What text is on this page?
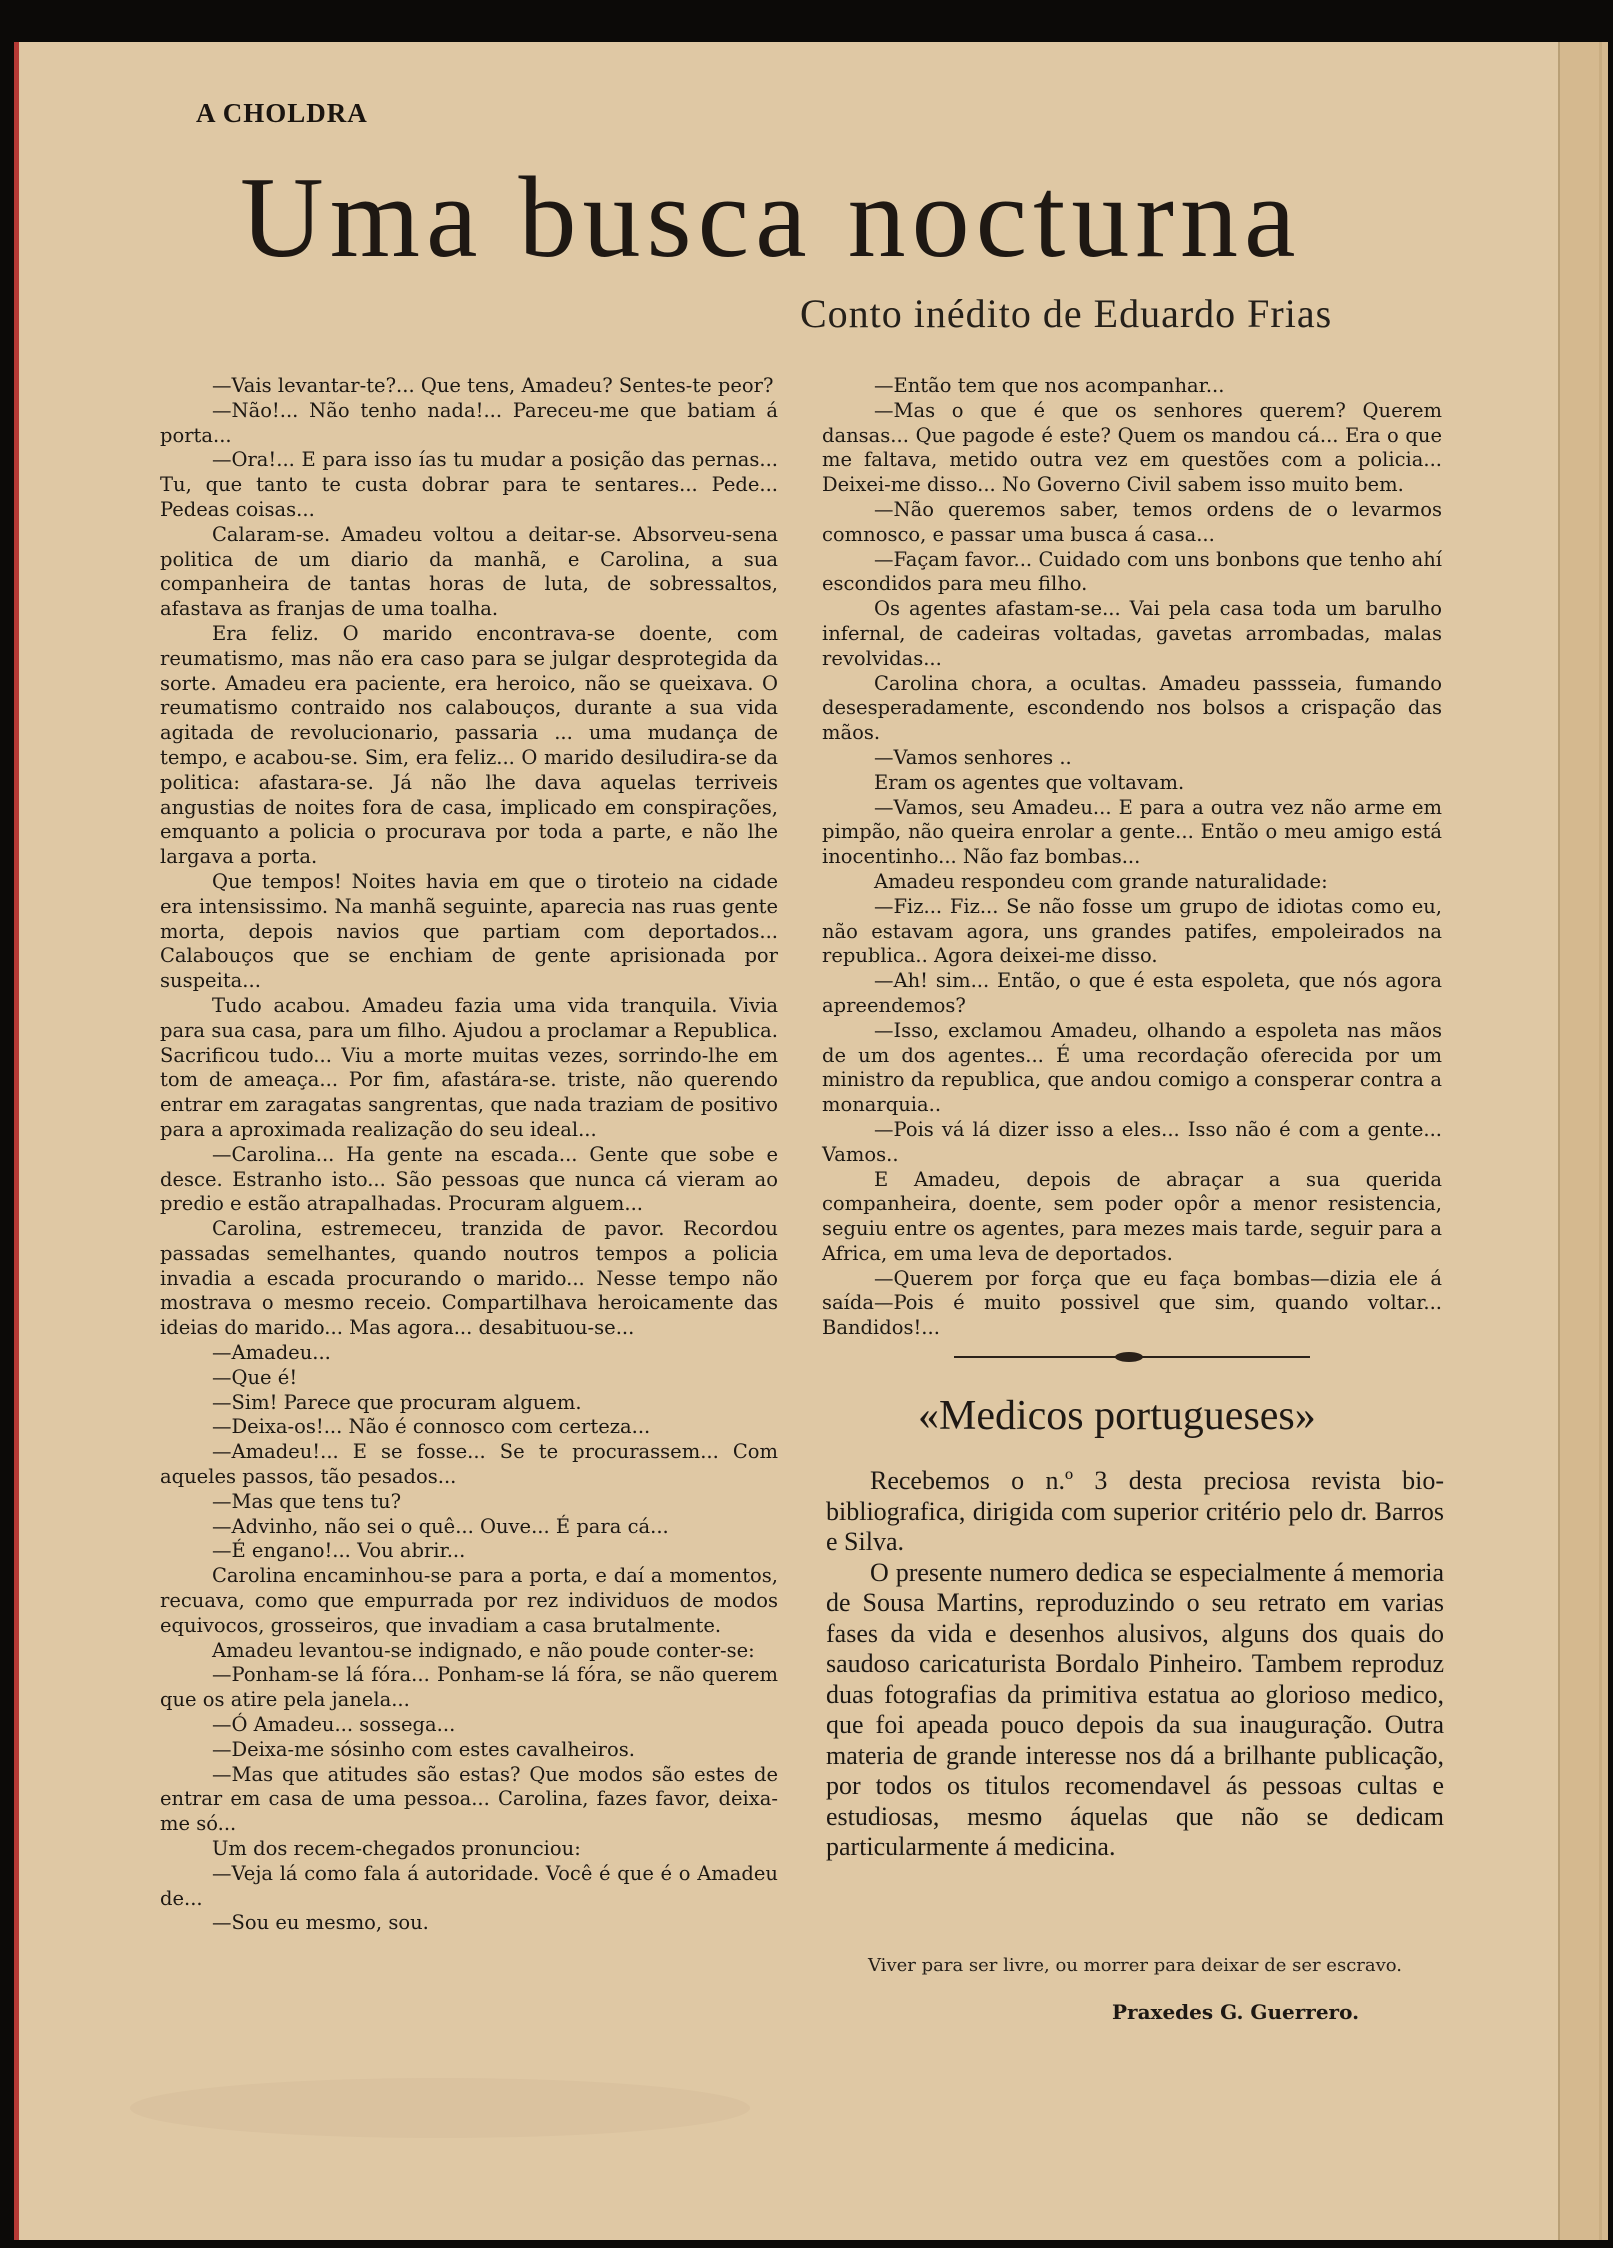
A CHOLDRA
Uma busca nocturna
Conto inédito de Eduardo Frias

—Vais levantar-te?... Que tens, Amadeu? Sentes-te peor?

—Não!... Não tenho nada!... Pareceu-me que batiam á porta...

—Ora!... E para isso ías tu mudar a posição das pernas... Tu, que tanto te custa dobrar para te sentares... Pede... Pedeas coisas...

Calaram-se. Amadeu voltou a deitar-se. Absorveu-sena politica de um diario da manhã, e Carolina, a sua companheira de tantas horas de luta, de sobressaltos, afastava as franjas de uma toalha.

Era feliz. O marido encontrava-se doente, com reumatismo, mas não era caso para se julgar desprotegida da sorte. Amadeu era paciente, era heroico, não se queixava. O reumatismo contraido nos calabouços, durante a sua vida agitada de revolucionario, passaria ... uma mudança de tempo, e acabou-se. Sim, era feliz... O marido desiludira-se da politica: afastara-se. Já não lhe dava aquelas terriveis angustias de noites fora de casa, implicado em conspirações, emquanto a policia o procurava por toda a parte, e não lhe largava a porta.

Que tempos! Noites havia em que o tiroteio na cidade era intensissimo. Na manhã seguinte, aparecia nas ruas gente morta, depois navios que partiam com deportados... Calabouços que se enchiam de gente aprisionada por suspeita...

Tudo acabou. Amadeu fazia uma vida tranquila. Vivia para sua casa, para um filho. Ajudou a proclamar a Republica. Sacrificou tudo... Viu a morte muitas vezes, sorrindo-lhe em tom de ameaça... Por fim, afastára-se. triste, não querendo entrar em zaragatas sangrentas, que nada traziam de positivo para a aproximada realização do seu ideal...

—Carolina... Ha gente na escada... Gente que sobe e desce. Estranho isto... São pessoas que nunca cá vieram ao predio e estão atrapalhadas. Procuram alguem...

Carolina, estremeceu, tranzida de pavor. Recordou passadas semelhantes, quando noutros tempos a policia invadia a escada procurando o marido... Nesse tempo não mostrava o mesmo receio. Compartilhava heroicamente das ideias do marido... Mas agora... desabituou-se...

—Amadeu...

—Que é!

—Sim! Parece que procuram alguem.

—Deixa-os!... Não é connosco com certeza...

—Amadeu!... E se fosse... Se te procurassem... Com aqueles passos, tão pesados...

—Mas que tens tu?

—Advinho, não sei o quê... Ouve... É para cá...

—É engano!... Vou abrir...

Carolina encaminhou-se para a porta, e daí a momentos, recuava, como que empurrada por rez individuos de modos equivocos, grosseiros, que invadiam a casa brutalmente.

Amadeu levantou-se indignado, e não poude conter-se:

—Ponham-se lá fóra... Ponham-se lá fóra, se não querem que os atire pela janela...

—Ó Amadeu... sossega...

—Deixa-me sósinho com estes cavalheiros.

—Mas que atitudes são estas? Que modos são estes de entrar em casa de uma pessoa... Carolina, fazes favor, deixa-me só...

Um dos recem-chegados pronunciou:

—Veja lá como fala á autoridade. Você é que é o Amadeu de...

—Sou eu mesmo, sou.

—Então tem que nos acompanhar...

—Mas o que é que os senhores querem? Querem dansas... Que pagode é este? Quem os mandou cá... Era o que me faltava, metido outra vez em questões com a policia... Deixei-me disso... No Governo Civil sabem isso muito bem.

—Não queremos saber, temos ordens de o levarmos comnosco, e passar uma busca á casa...

—Façam favor... Cuidado com uns bonbons que tenho ahí escondidos para meu filho.

Os agentes afastam-se... Vai pela casa toda um barulho infernal, de cadeiras voltadas, gavetas arrombadas, malas revolvidas...

Carolina chora, a ocultas. Amadeu passseia, fumando desesperadamente, escondendo nos bolsos a crispação das mãos.

—Vamos senhores ..

Eram os agentes que voltavam.

—Vamos, seu Amadeu... E para a outra vez não arme em pimpão, não queira enrolar a gente... Então o meu amigo está inocentinho... Não faz bombas...

Amadeu respondeu com grande naturalidade:

—Fiz... Fiz... Se não fosse um grupo de idiotas como eu, não estavam agora, uns grandes patifes, empoleirados na republica.. Agora deixei-me disso.

—Ah! sim... Então, o que é esta espoleta, que nós agora apreendemos?

—Isso, exclamou Amadeu, olhando a espoleta nas mãos de um dos agentes... É uma recordação oferecida por um ministro da republica, que andou comigo a consperar contra a monarquia..

—Pois vá lá dizer isso a eles... Isso não é com a gente... Vamos..

E Amadeu, depois de abraçar a sua querida companheira, doente, sem poder opôr a menor resistencia, seguiu entre os agentes, para mezes mais tarde, seguir para a Africa, em uma leva de deportados.

—Querem por força que eu faça bombas—dizia ele á saída—Pois é muito possivel que sim, quando voltar... Bandidos!...

«Medicos portugueses»

Recebemos o n.º 3 desta preciosa revista bio-bibliografica, dirigida com superior critério pelo dr. Barros e Silva.

O presente numero dedica se especialmente á memoria de Sousa Martins, reproduzindo o seu retrato em varias fases da vida e desenhos alusivos, alguns dos quais do saudoso caricaturista Bordalo Pinheiro. Tambem reproduz duas fotografias da primitiva estatua ao glorioso medico, que foi apeada pouco depois da sua inauguração. Outra materia de grande interesse nos dá a brilhante publicação, por todos os titulos recomendavel ás pessoas cultas e estudiosas, mesmo áquelas que não se dedicam particularmente á medicina.

Viver para ser livre, ou morrer para deixar de ser escravo.

Praxedes G. Guerrero.
